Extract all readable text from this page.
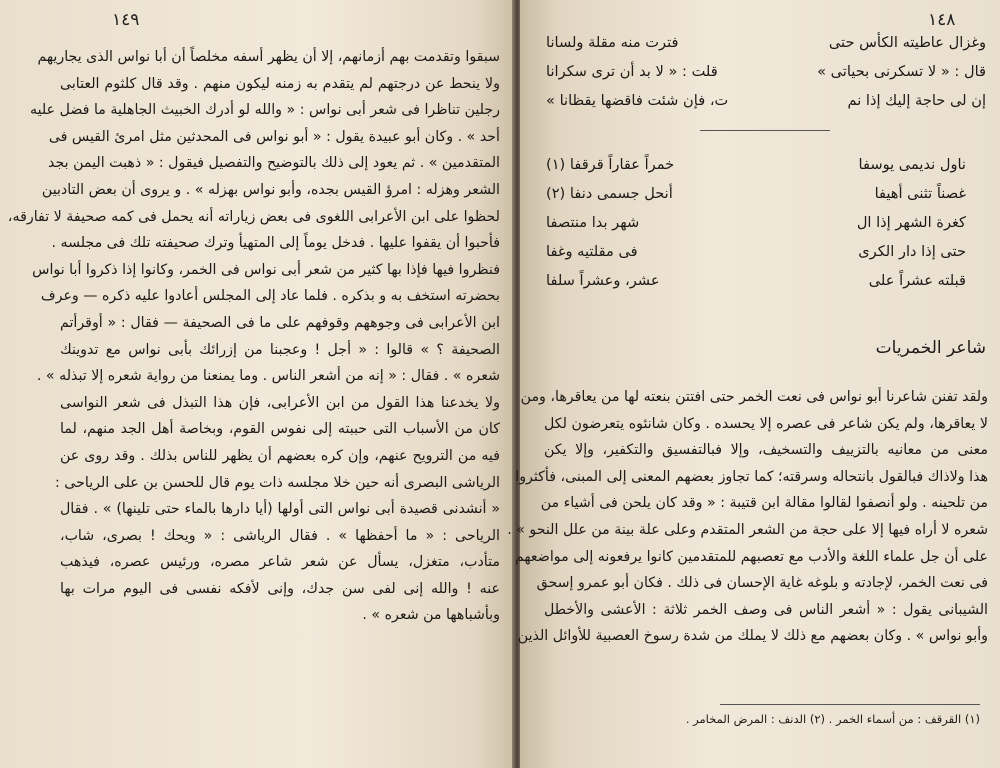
١٤٩
سبقوا وتقدمت بهم أزمانهم، إلا أن يظهر أسفه مخلصاً أن أبا نواس الذى يجاريهم
ولا ينحط عن درجتهم لم يتقدم به زمنه ليكون منهم . وقد قال كلثوم العتابى
رجلين تناظرا فى شعر أبى نواس : « والله لو أدرك الخبيث الجاهلية ما فضل عليه
أحد » . وكان أبو عبيدة يقول : « أبو نواس فى المحدثين مثل امرئ القيس فى
المتقدمين » . ثم يعود إلى ذلك بالتوضيح والتفصيل فيقول : « ذهبت اليمن بجد
الشعر وهزله : امرؤ القيس بجده، وأبو نواس بهزله » . و يروى أن بعض التادبين
لحظوا على ابن الأعرابى اللغوى فى بعض زياراته أنه يحمل فى كمه صحيفة لا تفارقه،
فأحبوا أن يقفوا عليها . فدخل يوماً إلى المتهيأ وترك صحيفته تلك فى مجلسه .
فنظروا فيها فإذا بها كثير من شعر أبى نواس فى الخمر، وكانوا إذا ذكروا أبا نواس
بحضرته استخف به و بذكره . فلما عاد إلى المجلس أعادوا عليه ذكره — وعرف
ابن الأعرابى فى وجوههم وقوفهم على ما فى الصحيفة — فقال : « أوقرأتم
الصحيفة ؟ » قالوا : « أجل ! وعجبنا من إزرائك بأبى نواس مع تدوينك
شعره » . فقال : « إنه من أشعر الناس . وما يمنعنا من رواية شعره إلا تبذله » .
ولا يخدعنا هذا القول من ابن الأعرابى، فإن هذا التبذل فى شعر النواسى
كان من الأسباب التى حببته إلى نفوس القوم، وبخاصة أهل الجد منهم، لما
فيه من الترويح عنهم، وإن كره بعضهم أن يظهر للناس بذلك . وقد روى عن
الرياشى البصرى أنه حين خلا مجلسه ذات يوم قال للحسن بن على الرياحى :
« أنشدنى قصيدة أبى نواس التى أولها (أيا دارها بالماء حتى تلينها) » . فقال
الرياحى : « ما أحفظها » . فقال الرياشى : « ويحك ! بصرى، شاب،
متأدب، متغزل، يسأل عن شعر شاعر مصره، ورئيس عصره، فيذهب
عنه ! والله إنى لفى سن جدك، وإنى لأفكه نفسى فى اليوم مرات بها
وبأشباهها من شعره » .
١٤٨
وغزال عاطيته الكأس حتى
فترت منه مقلة ولسانا
قال : « لا تسكرنى بحياتى »
قلت : « لا بد أن ترى سكرانا
إن لى حاجة إليك إذا نم
ت، فإن شئت فاقضها يقظانا »
ناول نديمى يوسفا
خمراً عقاراً قرقفا (١)
غصناً تثنى أهيفا
أنحل جسمى دنفا (٢)
كغرة الشهر إذا ال
شهر بدا منتصفا
حتى إذا دار الكرى
فى مقلتيه وغفا
قبلته عشراً على
عشر، وعشراً سلفا
شاعر الخمريات
ولقد تفنن شاعرنا أبو نواس فى نعت الخمر حتى افتتن بنعته لها من يعاقرها، ومن
لا يعاقرها، ولم يكن شاعر فى عصره إلا يحسده . وكان شانئوه يتعرضون لكل
معنى من معانيه بالتزييف والتسخيف، وإلا فبالتفسيق والتكفير، وإلا يكن
هذا ولاذاك فبالقول بانتحاله وسرقته؛ كما تجاوز بعضهم المعنى إلى المبنى، فأكثروا
من تلحينه . ولو أنصفوا لقالوا مقالة ابن قتيبة : « وقد كان يلحن فى أشياء من
شعره لا أراه فيها إلا على حجة من الشعر المتقدم وعلى علة بينة من علل النحو » .
على أن جل علماء اللغة والأدب مع تعصبهم للمتقدمين كانوا يرفعونه إلى مواضعهم
فى نعت الخمر، لإجادته و بلوغه غاية الإحسان فى ذلك . فكان أبو عمرو إسحق
الشيبانى يقول : « أشعر الناس فى وصف الخمر ثلاثة : الأعشى والأخطل
وأبو نواس » . وكان بعضهم مع ذلك لا يملك من شدة رسوخ العصبية للأوائل الذين
(١) القرقف : من أسماء الخمر . (٢) الدنف : المرض المخامر .
